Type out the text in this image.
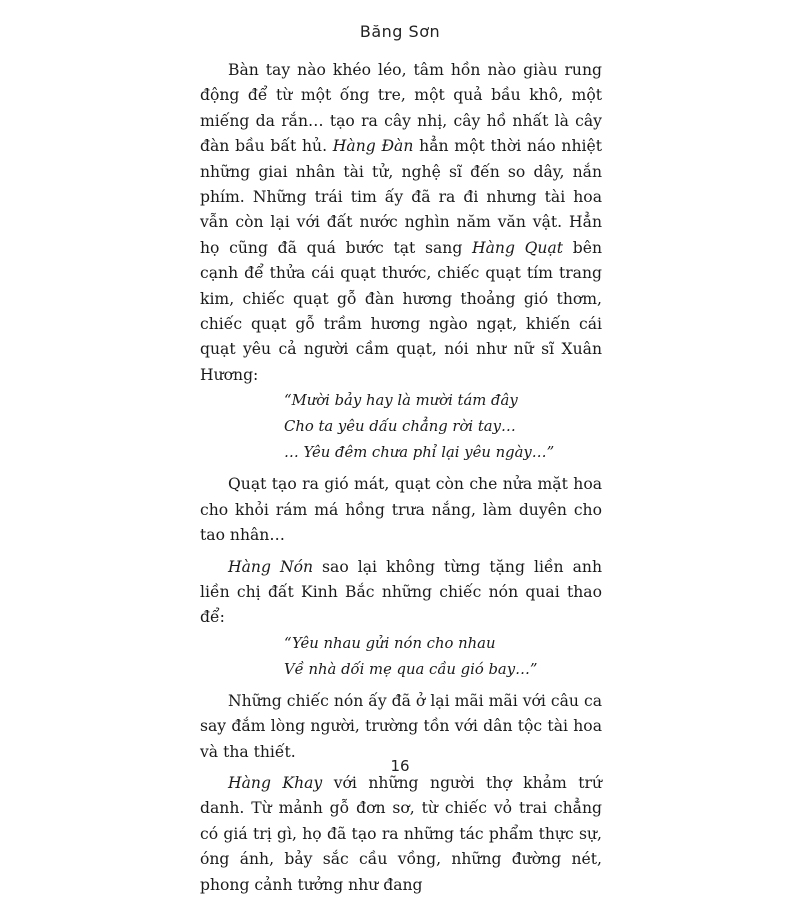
Băng Sơn

Bàn tay nào khéo léo, tâm hồn nào giàu rung động để từ một ống tre, một quả bầu khô, một miếng da rắn… tạo ra cây nhị, cây hồ nhất là cây đàn bầu bất hủ. Hàng Đàn hẳn một thời náo nhiệt những giai nhân tài tử, nghệ sĩ đến so dây, nắn phím. Những trái tim ấy đã ra đi nhưng tài hoa vẫn còn lại với đất nước nghìn năm văn vật. Hẳn họ cũng đã quá bước tạt sang Hàng Quạt bên cạnh để thửa cái quạt thước, chiếc quạt tím trang kim, chiếc quạt gỗ đàn hương thoảng gió thơm, chiếc quạt gỗ trầm hương ngào ngạt, khiến cái quạt yêu cả người cầm quạt, nói như nữ sĩ Xuân Hương:

“Mười bảy hay là mười tám đây
Cho ta yêu dấu chẳng rời tay…
… Yêu đêm chưa phỉ lại yêu ngày…”

Quạt tạo ra gió mát, quạt còn che nửa mặt hoa cho khỏi rám má hồng trưa nắng, làm duyên cho tao nhân…

Hàng Nón sao lại không từng tặng liền anh liền chị đất Kinh Bắc những chiếc nón quai thao để:

“Yêu nhau gửi nón cho nhau
Về nhà dối mẹ qua cầu gió bay…”

Những chiếc nón ấy đã ở lại mãi mãi với câu ca say đắm lòng người, trường tồn với dân tộc tài hoa và tha thiết.

Hàng Khay với những người thợ khảm trứ danh. Từ mảnh gỗ đơn sơ, từ chiếc vỏ trai chẳng có giá trị gì, họ đã tạo ra những tác phẩm thực sự, óng ánh, bảy sắc cầu vồng, những đường nét, phong cảnh tưởng như đang

16
